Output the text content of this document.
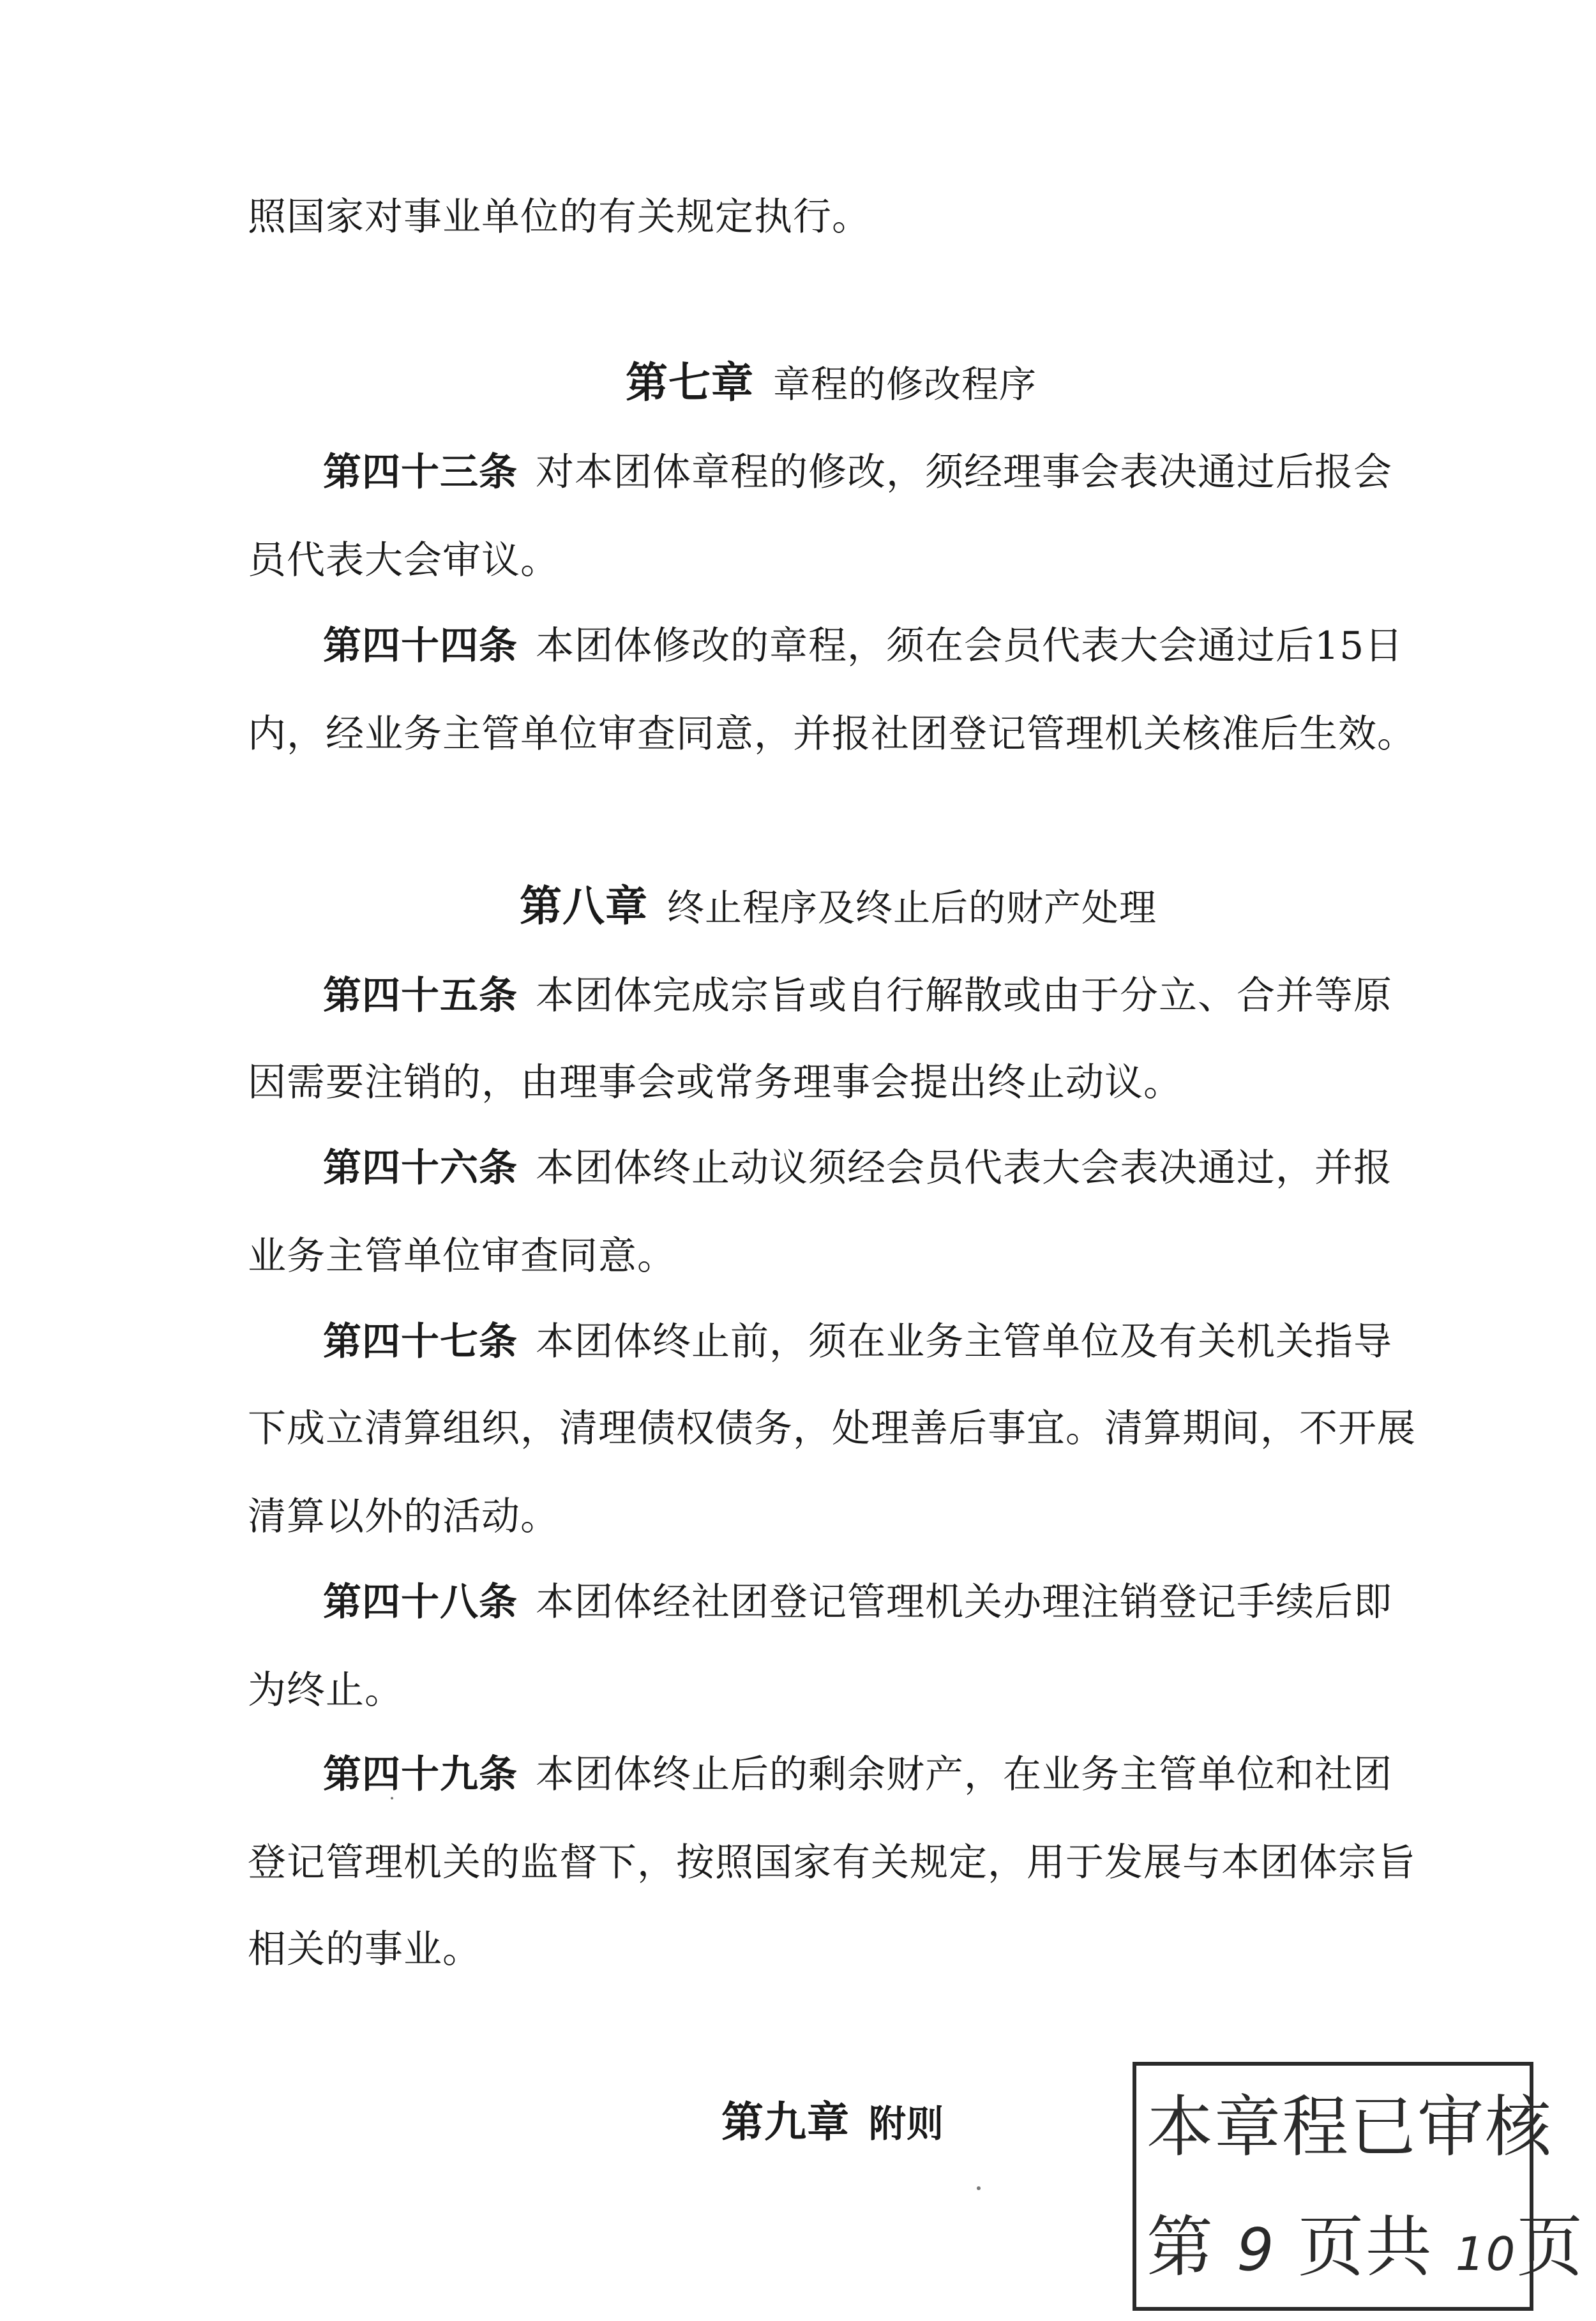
照国家对事业单位的有关规定执行。
第七章 章程的修改程序
第四十三条 对本团体章程的修改，须经理事会表决通过后报会
员代表大会审议。
第四十四条 本团体修改的章程，须在会员代表大会通过后15日
内，经业务主管单位审查同意，并报社团登记管理机关核准后生效。
第八章 终止程序及终止后的财产处理
第四十五条 本团体完成宗旨或自行解散或由于分立、合并等原
因需要注销的，由理事会或常务理事会提出终止动议。
第四十六条 本团体终止动议须经会员代表大会表决通过，并报
业务主管单位审查同意。
第四十七条 本团体终止前，须在业务主管单位及有关机关指导
下成立清算组织，清理债权债务，处理善后事宜。清算期间，不开展
清算以外的活动。
第四十八条 本团体经社团登记管理机关办理注销登记手续后即
为终止。
第四十九条 本团体终止后的剩余财产，在业务主管单位和社团
登记管理机关的监督下，按照国家有关规定，用于发展与本团体宗旨
相关的事业。
第九章 附则	本章程已审核
第 9 页共 10页
